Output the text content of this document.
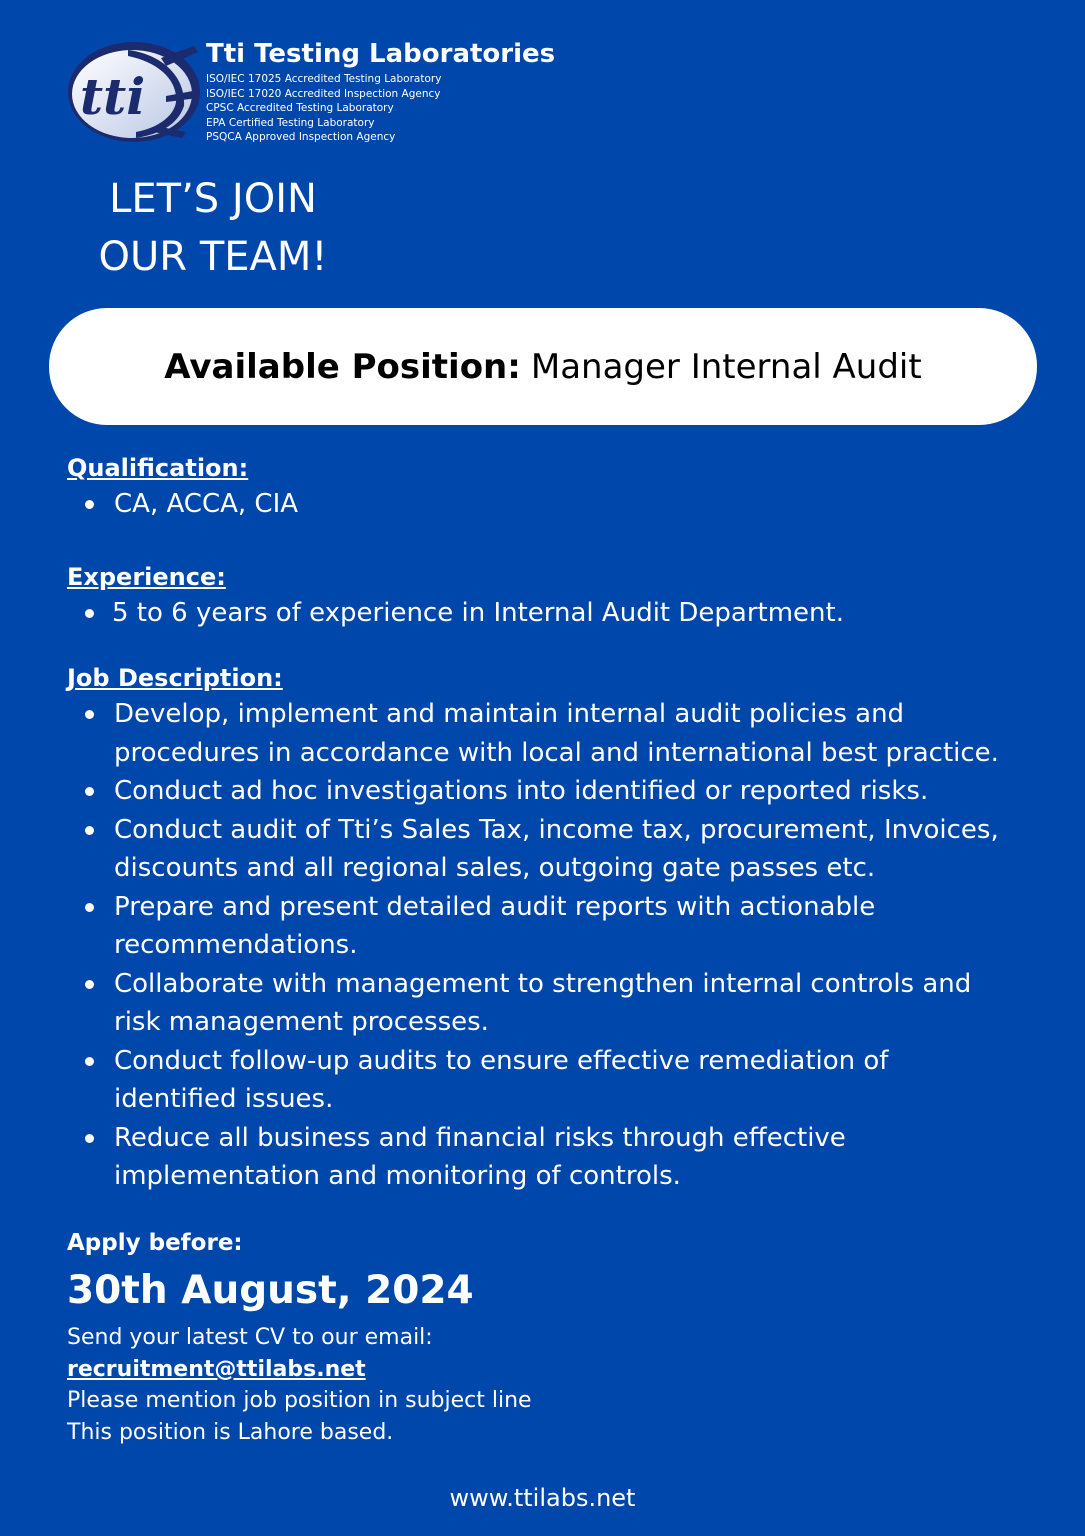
tti
Tti Testing Laboratories
ISO/IEC 17025 Accredited Testing Laboratory
ISO/IEC 17020 Accredited Inspection Agency
CPSC Accredited Testing Laboratory
EPA Certified Testing Laboratory
PSQCA Approved Inspection Agency
LET’S JOIN
OUR TEAM!
Available Position: Manager Internal Audit
Qualification:
CA, ACCA, CIA
Experience:
5 to 6 years of experience in Internal Audit Department.
Job Description:
Develop, implement and maintain internal audit policies and
procedures in accordance with local and international best practice.
Conduct ad hoc investigations into identified or reported risks.
Conduct audit of Tti’s Sales Tax, income tax, procurement, Invoices,
discounts and all regional sales, outgoing gate passes etc.
Prepare and present detailed audit reports with actionable
recommendations.
Collaborate with management to strengthen internal controls and
risk management processes.
Conduct follow-up audits to ensure effective remediation of
identified issues.
Reduce all business and financial risks through effective
implementation and monitoring of controls.
Apply before:
30th August, 2024
Send your latest CV to our email:
recruitment@ttilabs.net
Please mention job position in subject line
This position is Lahore based.
www.ttilabs.net
